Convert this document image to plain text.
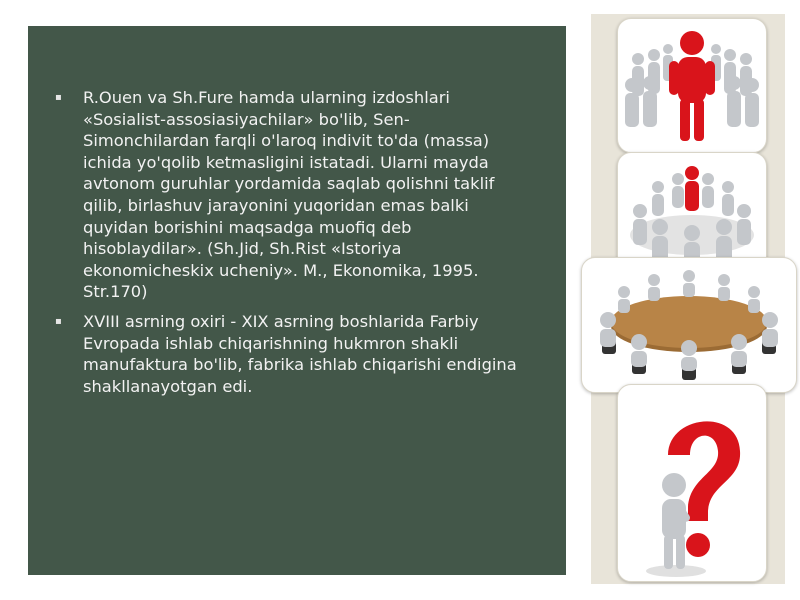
▪ R.Ouen va Sh.Fure hamda ularning izdoshlari «Sosialist-assosiasiyachilar» bo'lib, Sen-Simonchilardan farqli o'laroq indivit to'da (massa) ichida yo'qolib ketmasligini istatadi. Ularni mayda avtonom guruhlar yordamida saqlab qolishni taklif qilib, birlashuv jarayonini yuqoridan emas balki quyidan borishini maqsadga muofiq deb hisoblaydilar». (Sh.Jid, Sh.Rist «Istoriya ekonomicheskix ucheniy». M., Ekonomika, 1995. Str.170)
▪ XVIII asrning oxiri - XIX asrning boshlarida Farbiy Evropada ishlab chiqarishning hukmron shakli manufaktura bo'lib, fabrika ishlab chiqarishi endigina shakllanayotgan edi.
